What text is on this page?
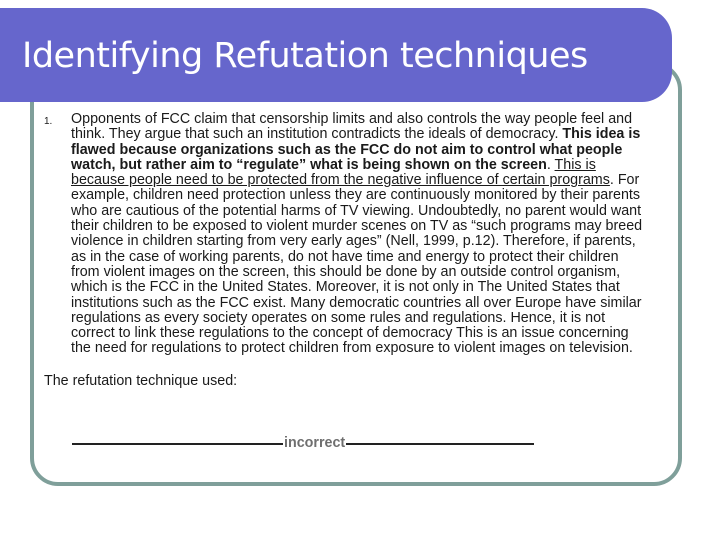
Identifying Refutation techniques
1. Opponents of FCC claim that censorship limits and also controls the way people feel and think. They argue that such an institution contradicts the ideals of democracy. This idea is flawed because organizations such as the FCC do not aim to control what people watch, but rather aim to “regulate” what is being shown on the screen. This is because people need to be protected from the negative influence of certain programs. For example, children need protection unless they are continuously monitored by their parents who are cautious of the potential harms of TV viewing. Undoubtedly, no parent would want their children to be exposed to violent murder scenes on TV as “such programs may breed violence in children starting from very early ages” (Nell, 1999, p.12). Therefore, if parents, as in the case of working parents, do not have time and energy to protect their children from violent images on the screen, this should be done by an outside control organism, which is the FCC in the United States. Moreover, it is not only in The United States that institutions such as the FCC exist. Many democratic countries all over Europe have similar regulations as every society operates on some rules and regulations. Hence, it is not correct to link these regulations to the concept of democracy This is an issue concerning the need for regulations to protect children from exposure to violent images on television.

The refutation technique used:

incorrect
